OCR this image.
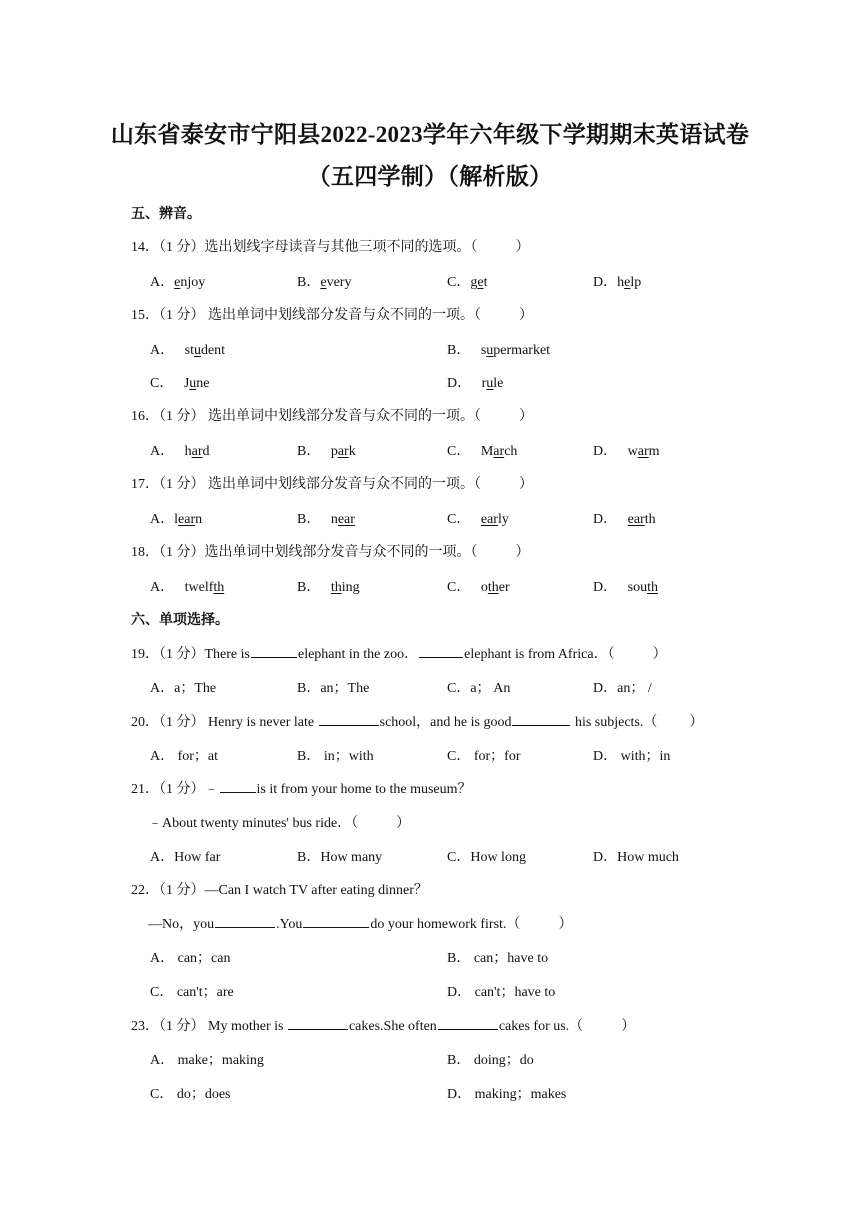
山东省泰安市宁阳县2022-2023学年六年级下学期期末英语试卷
（五四学制）（解析版）
五、辨音。
14．（1 分）选出划线字母读音与其他三项不同的选项。（	）
A．enjoy	B．every	C．get	D．help
15．（1 分） 选出单词中划线部分发音与众不同的一项。（	）
A． student	B． supermarket
C． June	D． rule
16．（1 分） 选出单词中划线部分发音与众不同的一项。（	）
A． hard	B． park	C． March	D． warm
17．（1 分） 选出单词中划线部分发音与众不同的一项。（	）
A．learn	B． near	C． early	D． earth
18．（1 分）选出单词中划线部分发音与众不同的一项。（	）
A． twelfth	B． thing	C． other	D． south
六、单项选择。
19．（1 分）There is	elephant in the zoo．	elephant is from Africa．（	）
A．a；The	B．an；The	C．a； An	D．an； /
20．（1 分） Henry is never late	school，and he is good	his subjects.（ ）
A． for；at	B． in；with	C． for；for	D． with；in
21．（1 分）﹣	is it from your home to the museum？
﹣About twenty minutes' bus ride．（	）
A．How far	B．How many	C．How long	D．How much
22．（1 分）—Can I watch TV after eating dinner？
—No，you	.You	do your homework first.（	）
A． can；can	B． can；have to
C． can't；are	D． can't；have to
23．（1 分） My mother is	cakes.She often	cakes for us.（	）
A． make；making	B． doing；do
C． do；does	D． making；makes
